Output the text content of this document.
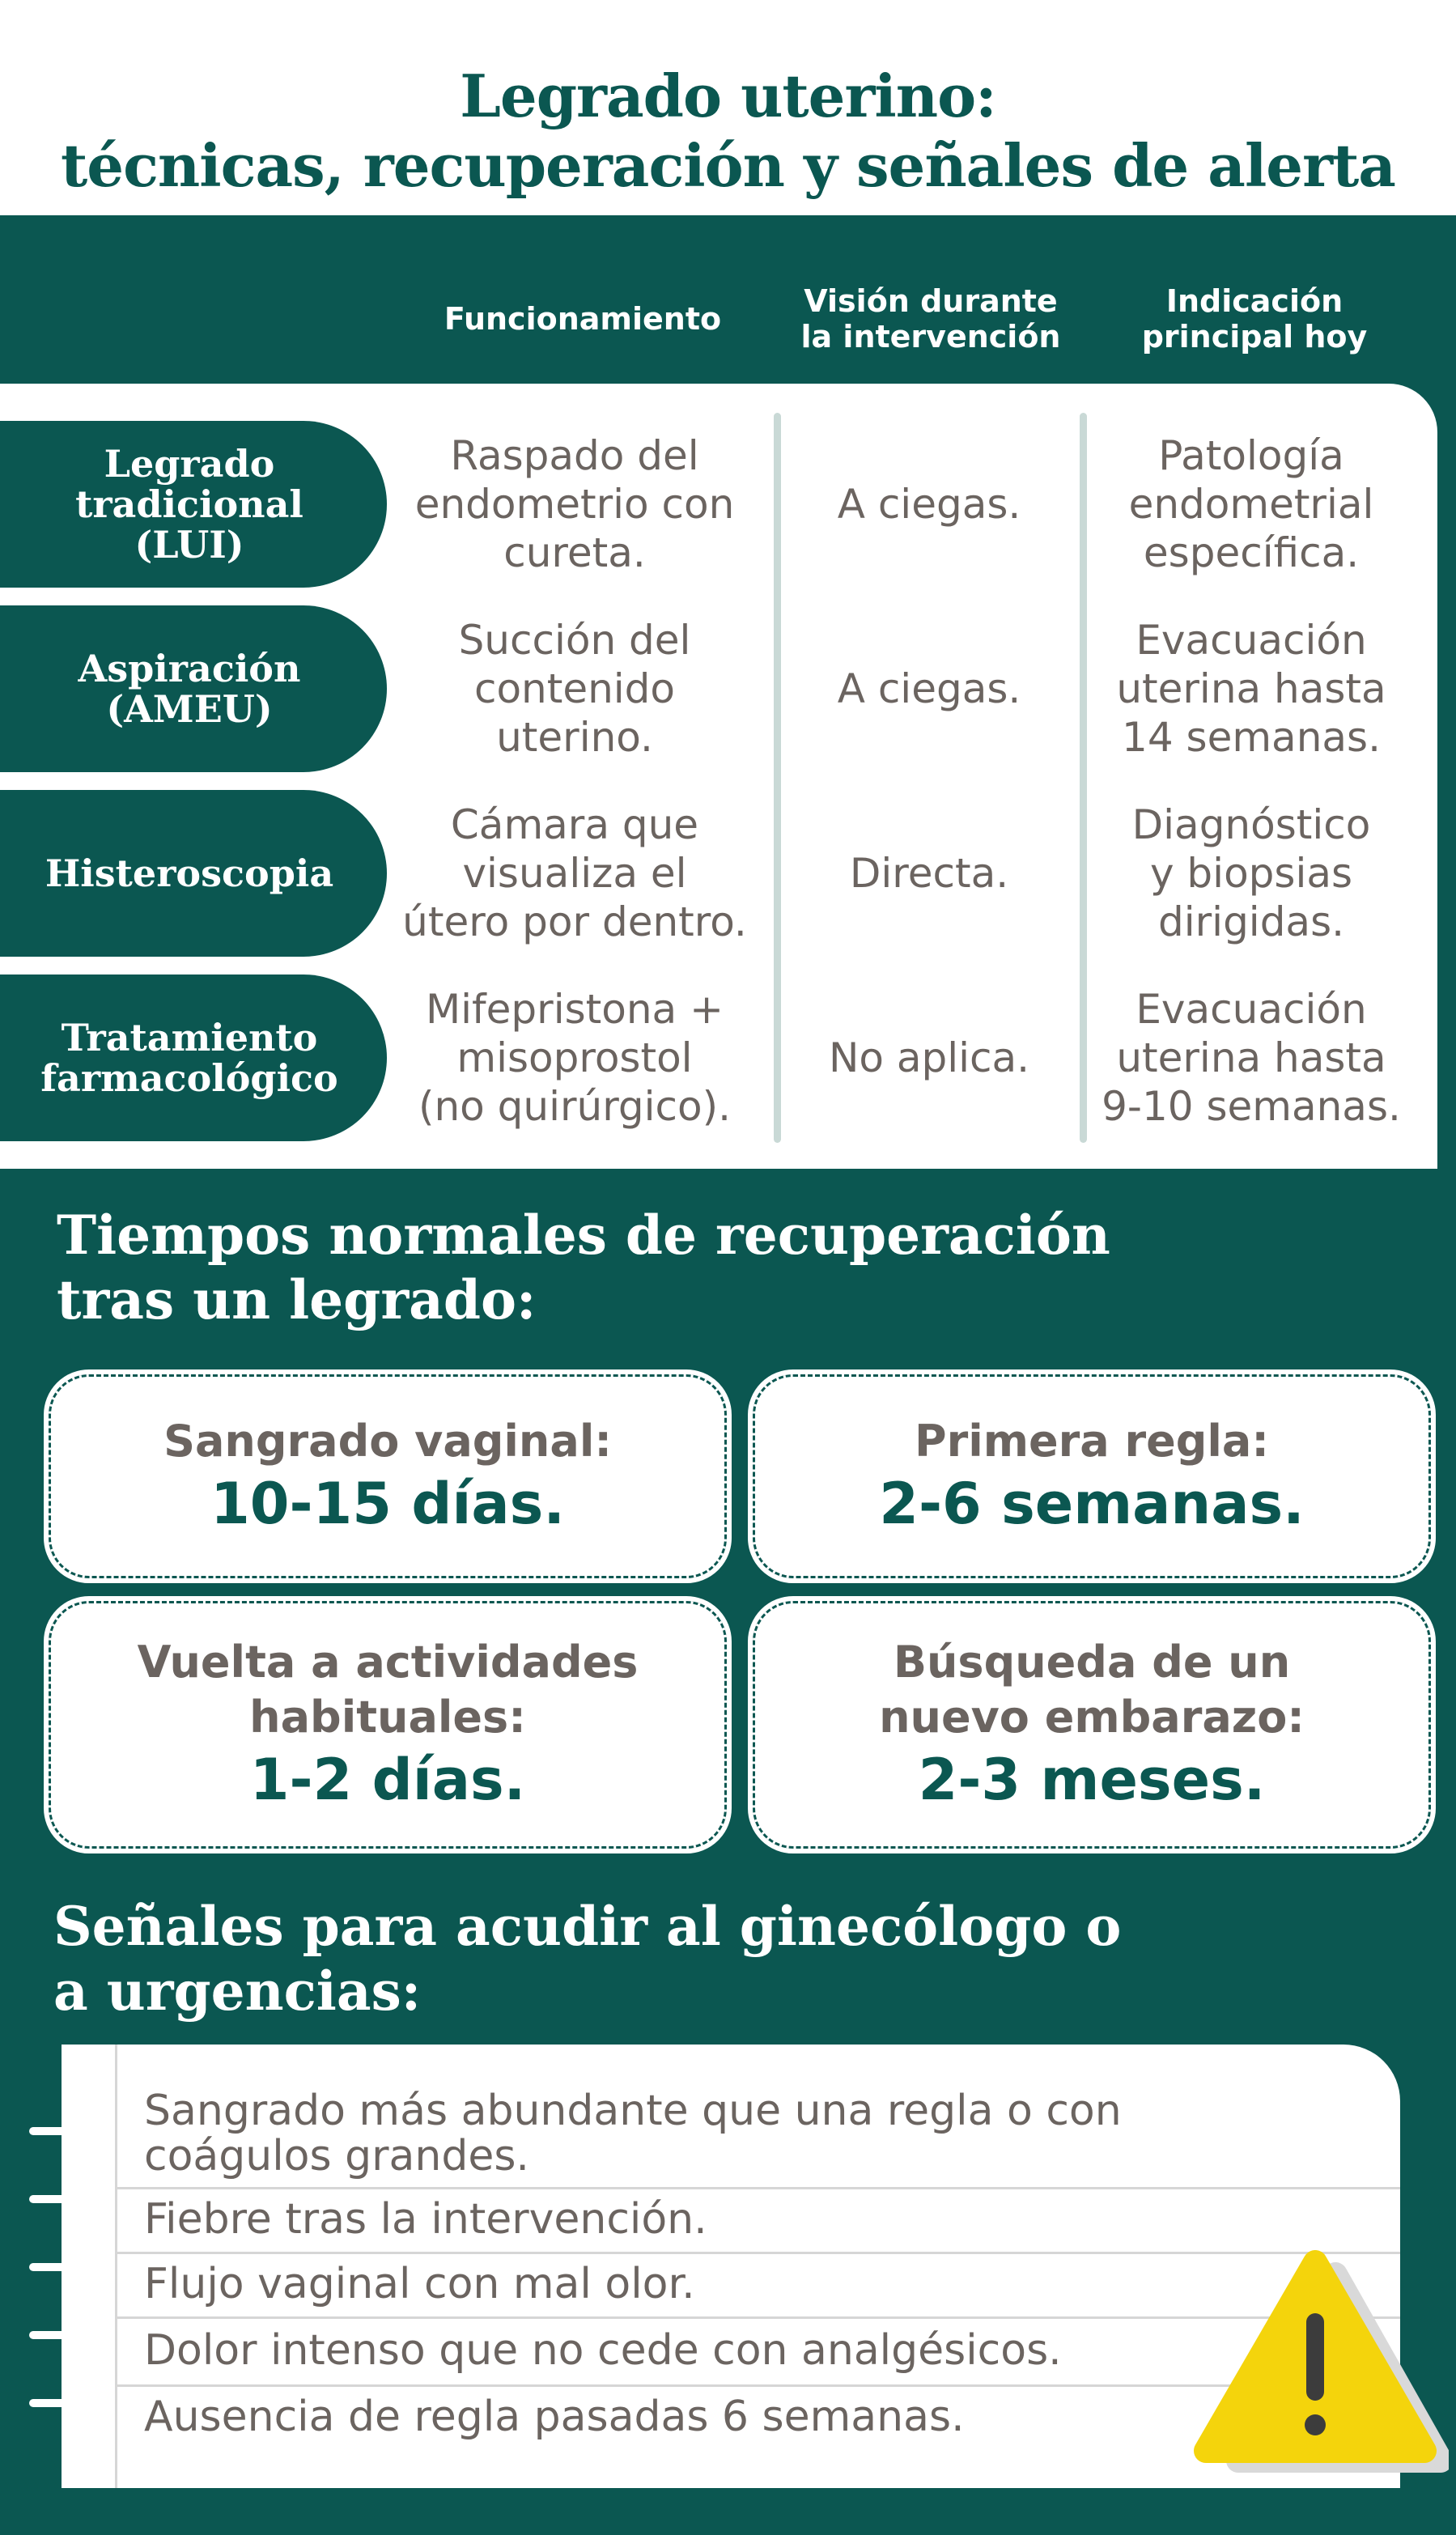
Legrado uterino:
técnicas, recuperación y señales de alerta
Funcionamiento	Visión durante
la intervención
Indicación
principal hoy
Legrado
tradicional
(LUI)
Raspado del
endometrio con
cureta.
A ciegas.
Patología
endometrial
específica.
Aspiración
(AMEU)
Succión del
contenido
uterino.
A ciegas.
Evacuación
uterina hasta
14 semanas.
Histeroscopia
Cámara que
visualiza el
útero por dentro.
Directa.
Diagnóstico
y biopsias
dirigidas.
Tratamiento
farmacológico
Mifepristona +
misoprostol
(no quirúrgico).
No aplica.
Evacuación
uterina hasta
9-10 semanas.
Tiempos normales de recuperación
tras un legrado:
Sangrado vaginal:
10-15 días.
Primera regla:
2-6 semanas.
Vuelta a actividades
habituales:
1-2 días.
Búsqueda de un
nuevo embarazo:
2-3 meses.
Señales para acudir al ginecólogo o
a urgencias:
Sangrado más abundante que una regla o con
coágulos grandes.
Fiebre tras la intervención.
Flujo vaginal con mal olor.
Dolor intenso que no cede con analgésicos.
Ausencia de regla pasadas 6 semanas.
